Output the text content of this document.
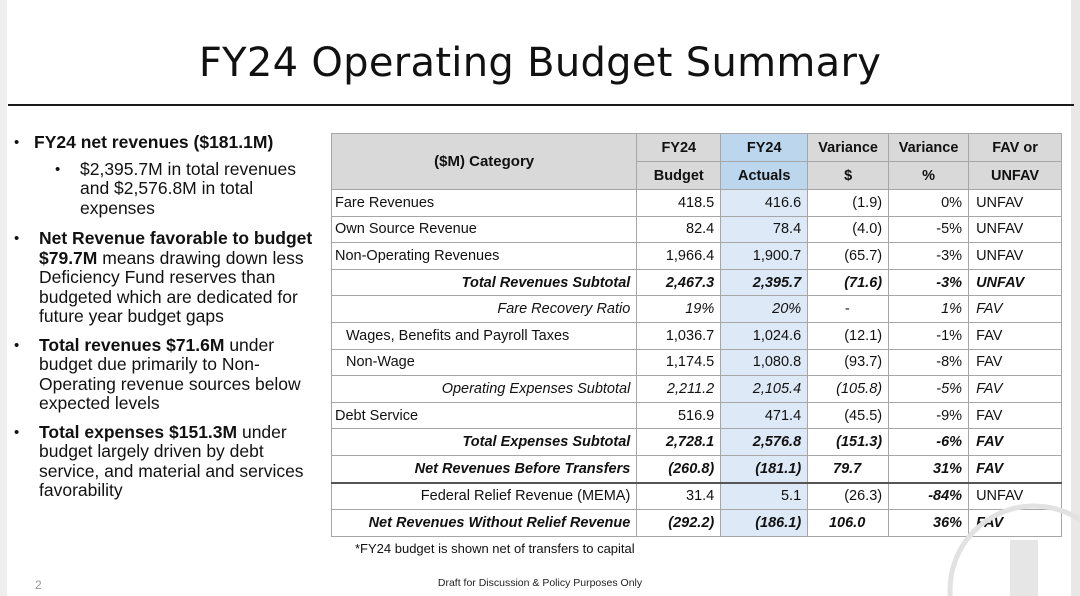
FY24 Operating Budget Summary
• FY24 net revenues ($181.1M)
• $2,395.7M in total revenues and $2,576.8M in total expenses
• Net Revenue favorable to budget $79.7M means drawing down less Deficiency Fund reserves than budgeted which are dedicated for future year budget gaps
• Total revenues $71.6M under budget due primarily to Non-Operating revenue sources below expected levels
• Total expenses $151.3M under budget largely driven by debt service, and material and services favorability
($M) Category	FY24	FY24	Variance	Variance	FAV or
	Budget	Actuals	$	%	UNFAV
Fare Revenues	418.5	416.6	(1.9)	0%	UNFAV
Own Source Revenue	82.4	78.4	(4.0)	-5%	UNFAV
Non-Operating Revenues	1,966.4	1,900.7	(65.7)	-3%	UNFAV
Total Revenues Subtotal	2,467.3	2,395.7	(71.6)	-3%	UNFAV
Fare Recovery Ratio	19%	20%	-	1%	FAV
Wages, Benefits and Payroll Taxes	1,036.7	1,024.6	(12.1)	-1%	FAV
Non-Wage	1,174.5	1,080.8	(93.7)	-8%	FAV
Operating Expenses Subtotal	2,211.2	2,105.4	(105.8)	-5%	FAV
Debt Service	516.9	471.4	(45.5)	-9%	FAV
Total Expenses Subtotal	2,728.1	2,576.8	(151.3)	-6%	FAV
Net Revenues Before Transfers	(260.8)	(181.1)	79.7	31%	FAV
Federal Relief Revenue (MEMA)	31.4	5.1	(26.3)	-84%	UNFAV
Net Revenues Without Relief Revenue	(292.2)	(186.1)	106.0	36%	FAV
*FY24 budget is shown net of transfers to capital
2	Draft for Discussion & Policy Purposes Only
